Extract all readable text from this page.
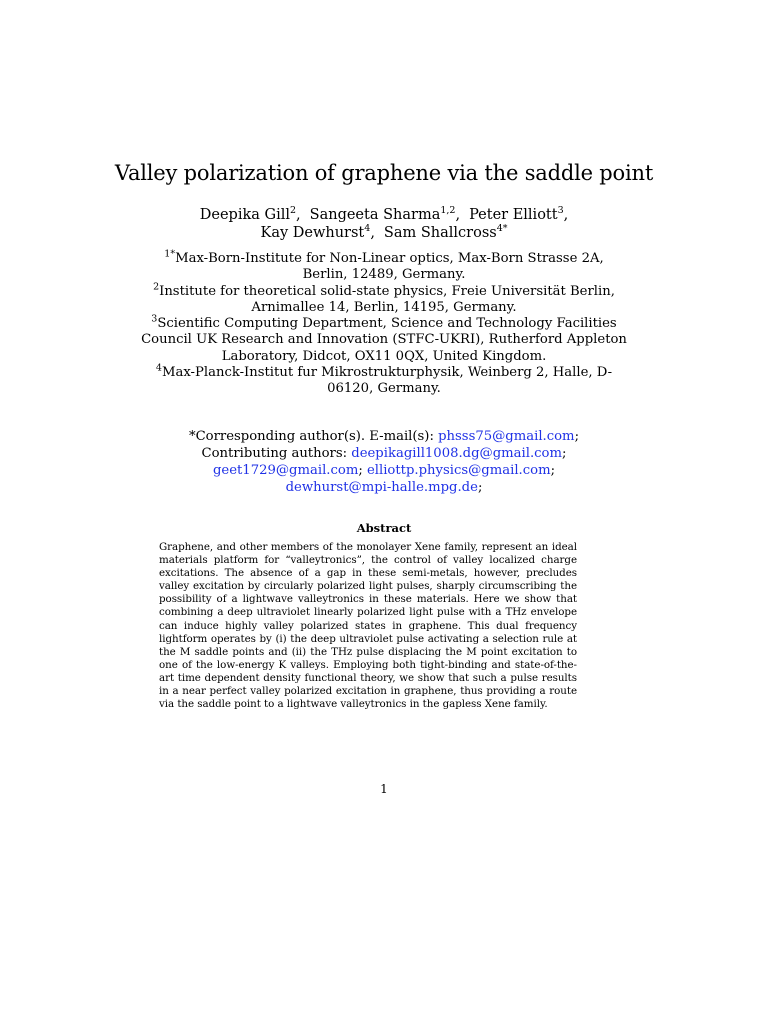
Valley polarization of graphene via the saddle point
Deepika Gill$^2$, Sangeeta Sharma$^{1,2}$, Peter Elliott$^3$,
Kay Dewhurst$^4$, Sam Shallcross$^{4*}$

$^{1*}$Max-Born-Institute for Non-Linear optics, Max-Born Strasse 2A, Berlin, 12489, Germany.

$^2$Institute for theoretical solid-state physics, Freie Universität Berlin, Arnimallee 14, Berlin, 14195, Germany.

$^3$Scientific Computing Department, Science and Technology Facilities Council UK Research and Innovation (STFC-UKRI), Rutherford Appleton Laboratory, Didcot, OX11 0QX, United Kingdom.

$^4$Max-Planck-Institut fur Mikrostrukturphysik, Weinberg 2, Halle, D-06120, Germany.

*Corresponding author(s). E-mail(s): phsss75@gmail.com;
Contributing authors: deepikagill1008.dg@gmail.com;
geet1729@gmail.com; elliottp.physics@gmail.com;
dewhurst@mpi-halle.mpg.de;
Abstract
Graphene, and other members of the monolayer Xene family, represent an ideal materials platform for “valleytronics”, the control of valley localized charge excitations. The absence of a gap in these semi-metals, however, precludes valley excitation by circularly polarized light pulses, sharply circumscribing the possibility of a lightwave valleytronics in these materials. Here we show that combining a deep ultraviolet linearly polarized light pulse with a THz envelope can induce highly valley polarized states in graphene. This dual frequency lightform operates by (i) the deep ultraviolet pulse activating a selection rule at the M saddle points and (ii) the THz pulse displacing the M point excitation to one of the low-energy K valleys. Employing both tight-binding and state-of-the-art time dependent density functional theory, we show that such a pulse results in a near perfect valley polarized excitation in graphene, thus providing a route via the saddle point to a lightwave valleytronics in the gapless Xene family.
1
